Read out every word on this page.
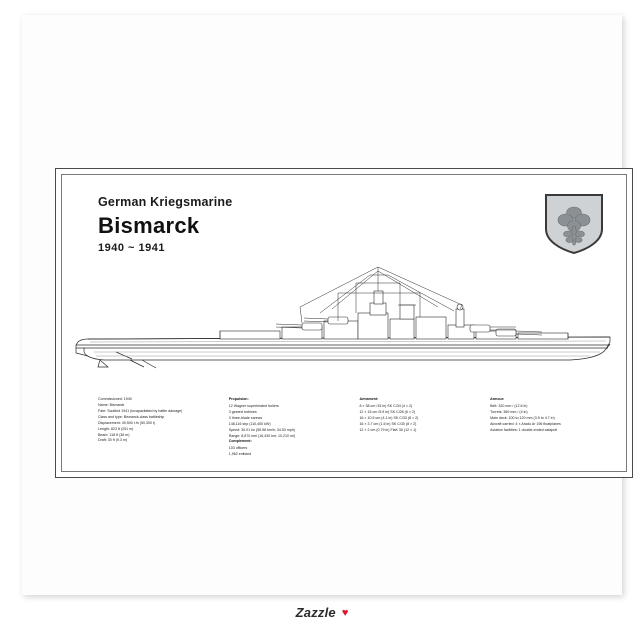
German Kriegsmarine
Bismarck
1940 ~ 1941
Commissioned: 1940
Name: Bismarck
Fate: Scuttled 1941 (incapacitated by battle damage)
Class and type: Bismarck-class battleship
Displacement: 49,500 t.fn (50,300 t)
Length: 823 ft (251 m)
Beam: 118 ft (36 m)
Draft: 30 ft (9.3 m)
Propulsion:
12 Wagner superheated boilers
3 geared turbines
3 three-blade screws
148,116 shp (110,400 kW)
Speed: 30.01 kn (55.58 km/h; 34.53 mph)
Range: 8,870 nmi (16,430 km; 10,210 mi)
Complement:
103 officers
1,962 enlisted
Armament:
8 × 38 cm /15 in) SK C/34 (4 × 2)
12 × 15 cm /5.9 in) SK C/28 (6 × 2)
16 × 10.5 cm (4.1 in) SK C/33 (8 × 2)
16 × 3.7 cm (1.5 in) SK C/30 (8 × 2)
12 × 2 cm (0.79 in) FlaK 30 (12 × 1)
Armour:
Belt: 320 mm / (12.6 in)
Turrets: 360 mm / (4 in)
Main deck: 100 to 120 mm (3.9 to 4.7 in)
Aircraft carried: 4 × Arado Ar 196 floatplanes
Aviation facilities: 1 double-ended catapult
Zazzle ♥
